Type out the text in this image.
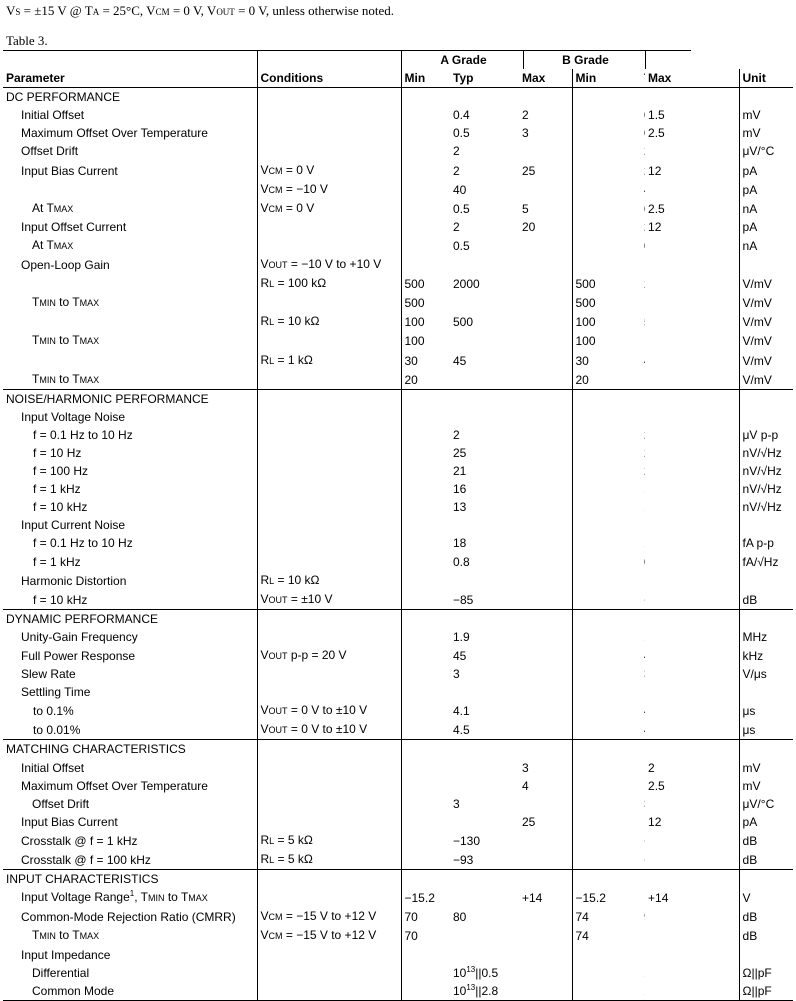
VS = ±15 V @ TA = 25°C, VCM = 0 V, VOUT = 0 V, unless otherwise noted.
Table 3.
		A Grade			B Grade				
Parameter	Conditions	Min	Typ	Max		Min		Max	Unit
DC PERFORMANCE									
Initial Offset			0.4	2				1.5	mV
Maximum Offset Over Temperature			0.5	3				2.5	mV
Offset Drift			2						μV/°C
Input Bias Current	VCM = 0 V		2	25				12	pA
	VCM = −10 V		40						pA
At TMAX	VCM = 0 V		0.5	5				2.5	nA
Input Offset Current			2	20				12	pA
At TMAX			0.5						nA
Open-Loop Gain	VOUT = −10 V to +10 V								
	RL = 100 kΩ	500	2000			500			V/mV
TMIN to TMAX		500				500			V/mV
	RL = 10 kΩ	100	500			100			V/mV
TMIN to TMAX		100				100			V/mV
	RL = 1 kΩ	30	45			30			V/mV
TMIN to TMAX		20				20			V/mV
NOISE/HARMONIC PERFORMANCE									
Input Voltage Noise									
f = 0.1 Hz to 10 Hz			2						μV p-p
f = 10 Hz			25						nV/√Hz
f = 100 Hz			21						nV/√Hz
f = 1 kHz			16						nV/√Hz
f = 10 kHz			13						nV/√Hz
Input Current Noise									
f = 0.1 Hz to 10 Hz			18						fA p-p
f = 1 kHz			0.8						fA/√Hz
Harmonic Distortion	RL = 10 kΩ								
f = 10 kHz	VOUT = ±10 V		−85						dB
DYNAMIC PERFORMANCE									
Unity-Gain Frequency			1.9						MHz
Full Power Response	VOUT p-p = 20 V		45						kHz
Slew Rate			3						V/μs
Settling Time									
to 0.1%	VOUT = 0 V to ±10 V		4.1						μs
to 0.01%	VOUT = 0 V to ±10 V		4.5						μs
MATCHING CHARACTERISTICS									
Initial Offset				3				2	mV
Maximum Offset Over Temperature				4				2.5	mV
Offset Drift			3						μV/°C
Input Bias Current				25				12	pA
Crosstalk @ f = 1 kHz	RL = 5 kΩ		−130						dB
Crosstalk @ f = 100 kHz	RL = 5 kΩ		−93						dB
INPUT CHARACTERISTICS									
Input Voltage Range$^1$, TMIN to TMAX		−15.2		+14		−15.2		+14	V
Common-Mode Rejection Ratio (CMRR)	VCM = −15 V to +12 V	70	80			74			dB
TMIN to TMAX	VCM = −15 V to +12 V	70				74			dB
Input Impedance									
Differential			$10^{13}||0.5$						Ω||pF
Common Mode			$10^{13}||2.8$						Ω||pF
